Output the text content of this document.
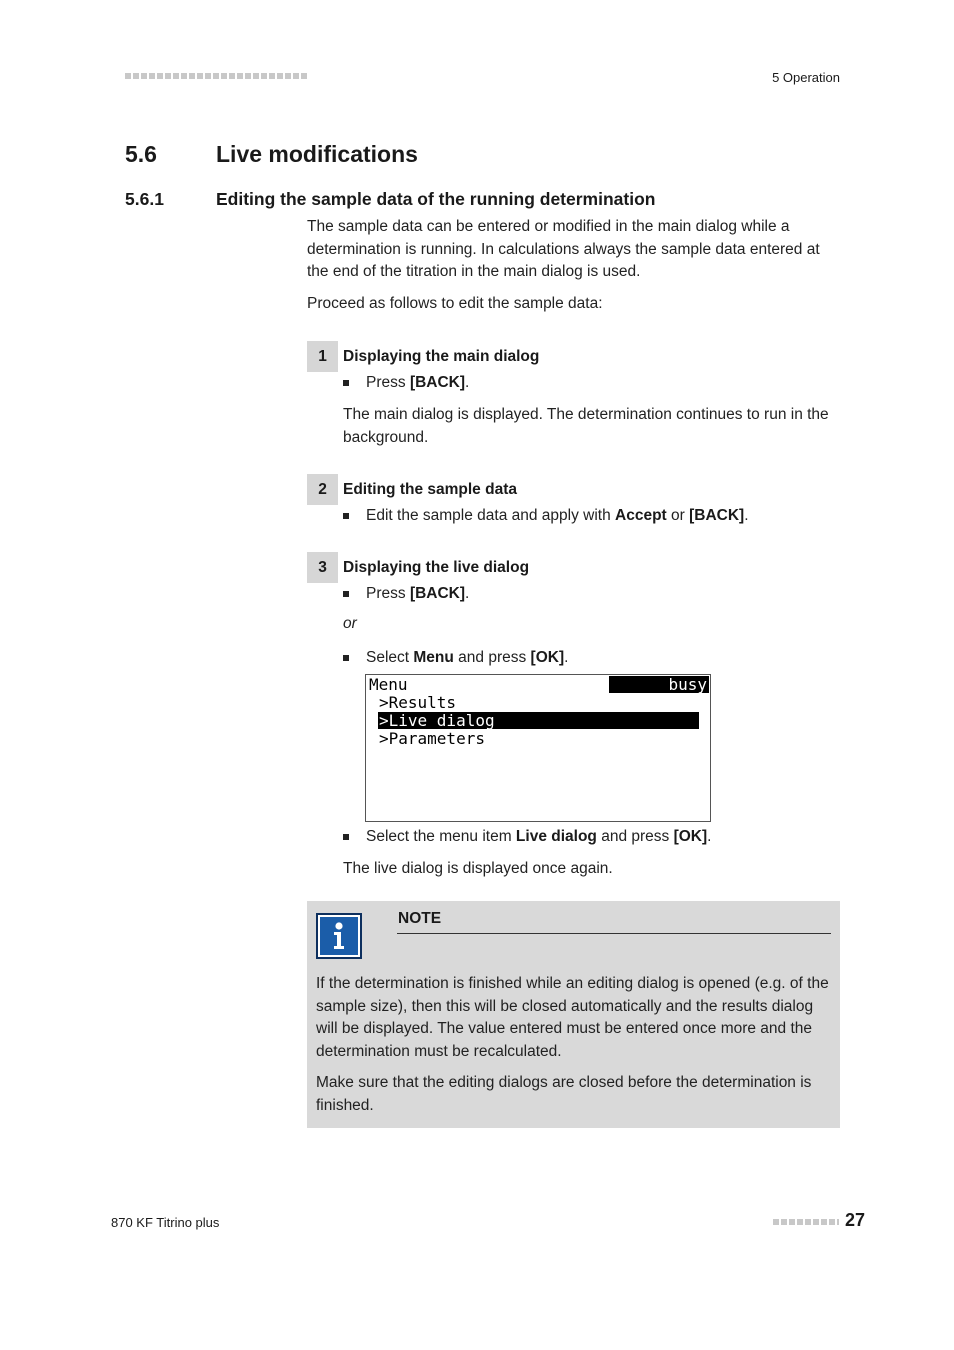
5 Operation
5.6	Live modifications
5.6.1	Editing the sample data of the running determination
The sample data can be entered or modified in the main dialog while a determination is running. In calculations always the sample data entered at the end of the titration in the main dialog is used.
Proceed as follows to edit the sample data:
1	Displaying the main dialog
Press [BACK].
The main dialog is displayed. The determination continues to run in the background.
2	Editing the sample data
Edit the sample data and apply with Accept or [BACK].
3	Displaying the live dialog
Press [BACK].
or
Select Menu and press [OK].
Menu	busy
>Results
>Live dialog
>Parameters
Select the menu item Live dialog and press [OK].
The live dialog is displayed once again.
NOTE
If the determination is finished while an editing dialog is opened (e.g. of the sample size), then this will be closed automatically and the results dialog will be displayed. The value entered must be entered once more and the determination must be recalculated.
Make sure that the editing dialogs are closed before the determination is finished.
870 KF Titrino plus	27
